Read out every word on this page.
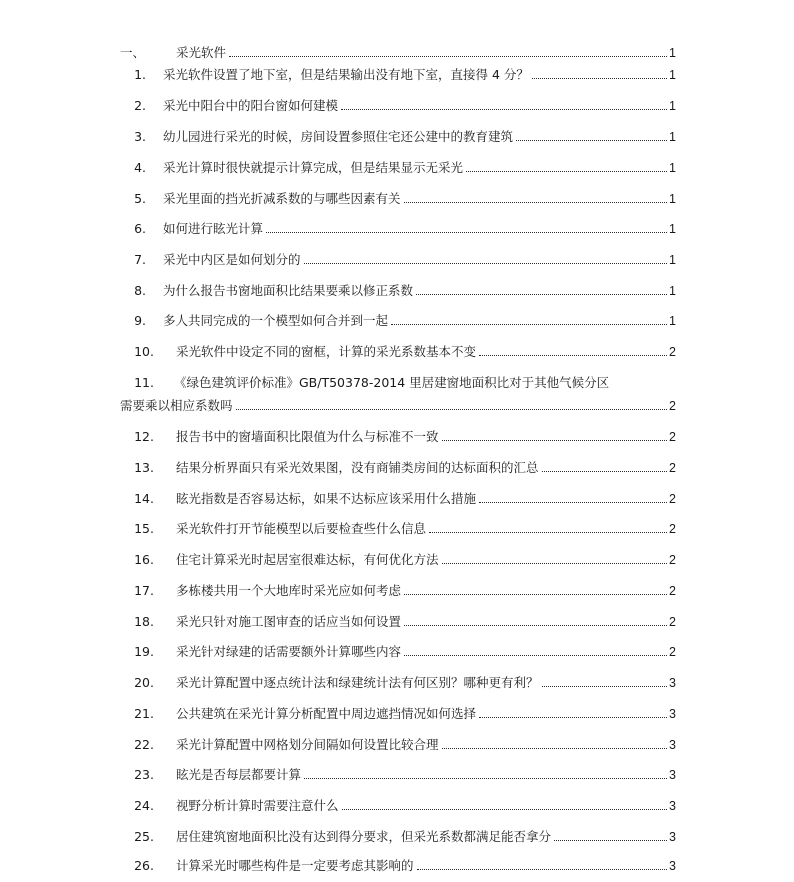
一、 采光软件	1
1. 采光软件设置了地下室，但是结果输出没有地下室，直接得 4 分？	1
2. 采光中阳台中的阳台窗如何建模	1
3. 幼儿园进行采光的时候，房间设置参照住宅还公建中的教育建筑	1
4. 采光计算时很快就提示计算完成，但是结果显示无采光	1
5. 采光里面的挡光折减系数的与哪些因素有关	1
6. 如何进行眩光计算	1
7. 采光中内区是如何划分的	1
8. 为什么报告书窗地面积比结果要乘以修正系数	1
9. 多人共同完成的一个模型如何合并到一起	1
10. 采光软件中设定不同的窗框，计算的采光系数基本不变	2
11. 《绿色建筑评价标准》GB/T50378-2014 里居建窗地面积比对于其他气候分区
需要乘以相应系数吗	2
12. 报告书中的窗墙面积比限值为什么与标准不一致	2
13. 结果分析界面只有采光效果图，没有商铺类房间的达标面积的汇总	2
14. 眩光指数是否容易达标，如果不达标应该采用什么措施	2
15. 采光软件打开节能模型以后要检查些什么信息	2
16. 住宅计算采光时起居室很难达标，有何优化方法	2
17. 多栋楼共用一个大地库时采光应如何考虑	2
18. 采光只针对施工图审查的话应当如何设置	2
19. 采光针对绿建的话需要额外计算哪些内容	2
20. 采光计算配置中逐点统计法和绿建统计法有何区别？哪种更有利？	3
21. 公共建筑在采光计算分析配置中周边遮挡情况如何选择	3
22. 采光计算配置中网格划分间隔如何设置比较合理	3
23. 眩光是否每层都要计算	3
24. 视野分析计算时需要注意什么	3
25. 居住建筑窗地面积比没有达到得分要求，但采光系数都满足能否拿分	3
26. 计算采光时哪些构件是一定要考虑其影响的	3
